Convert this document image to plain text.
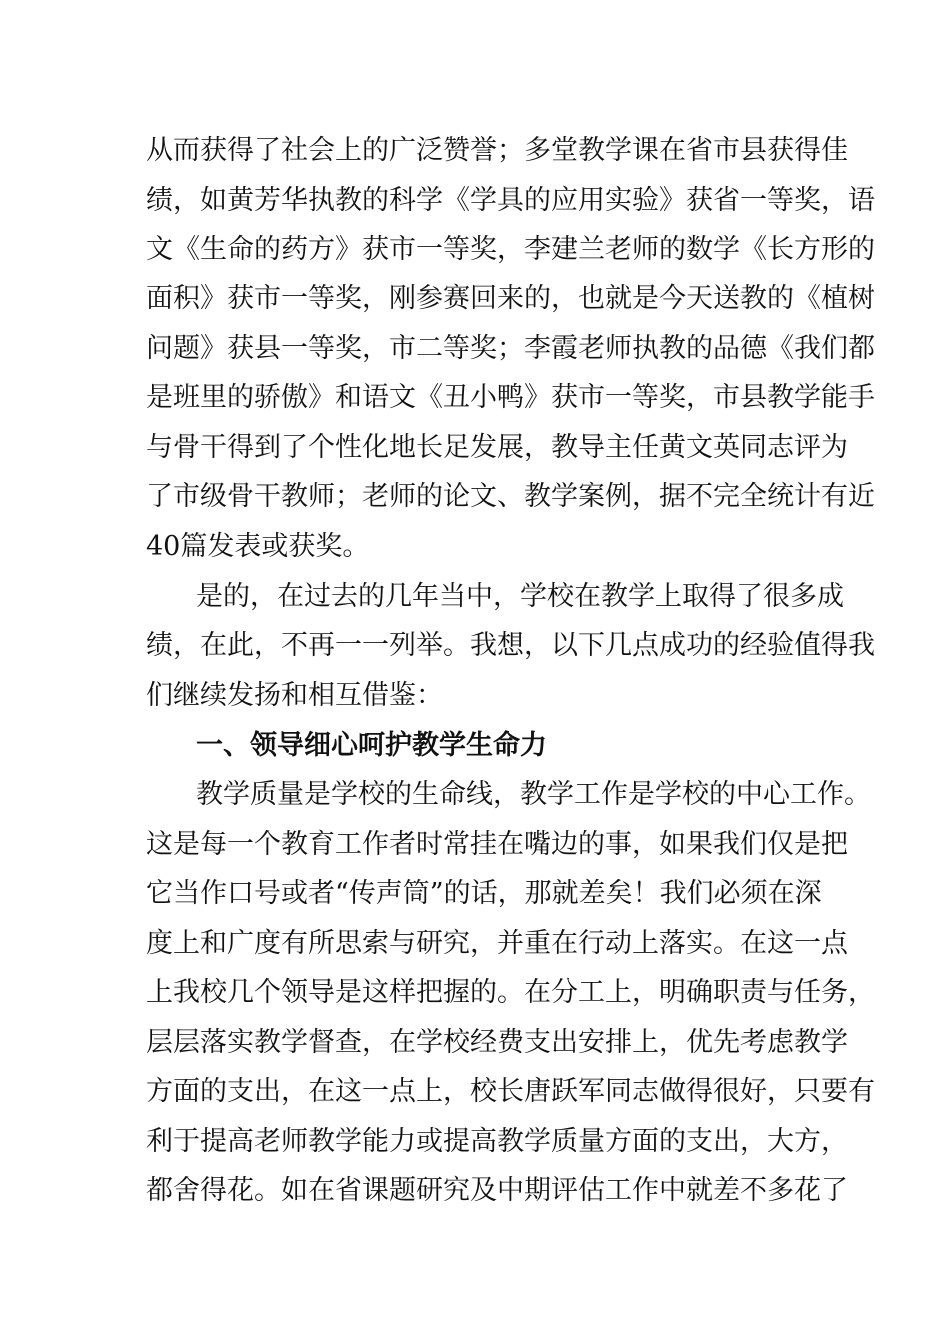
从而获得了社会上的广泛赞誉；多堂教学课在省市县获得佳
绩，如黄芳华执教的科学《学具的应用实验》获省一等奖，语
文《生命的药方》获市一等奖，李建兰老师的数学《长方形的
面积》获市一等奖，刚参赛回来的，也就是今天送教的《植树
问题》获县一等奖，市二等奖；李霞老师执教的品德《我们都
是班里的骄傲》和语文《丑小鸭》获市一等奖，市县教学能手
与骨干得到了个性化地长足发展，教导主任黄文英同志评为
了市级骨干教师；老师的论文、教学案例，据不完全统计有近
40篇发表或获奖。
是的，在过去的几年当中，学校在教学上取得了很多成
绩，在此，不再一一列举。我想，以下几点成功的经验值得我
们继续发扬和相互借鉴：
一、领导细心呵护教学生命力
教学质量是学校的生命线，教学工作是学校的中心工作。
这是每一个教育工作者时常挂在嘴边的事，如果我们仅是把
它当作口号或者“传声筒”的话，那就差矣！我们必须在深
度上和广度有所思索与研究，并重在行动上落实。在这一点
上我校几个领导是这样把握的。在分工上，明确职责与任务，
层层落实教学督查，在学校经费支出安排上，优先考虑教学
方面的支出，在这一点上，校长唐跃军同志做得很好，只要有
利于提高老师教学能力或提高教学质量方面的支出，大方，
都舍得花。如在省课题研究及中期评估工作中就差不多花了
